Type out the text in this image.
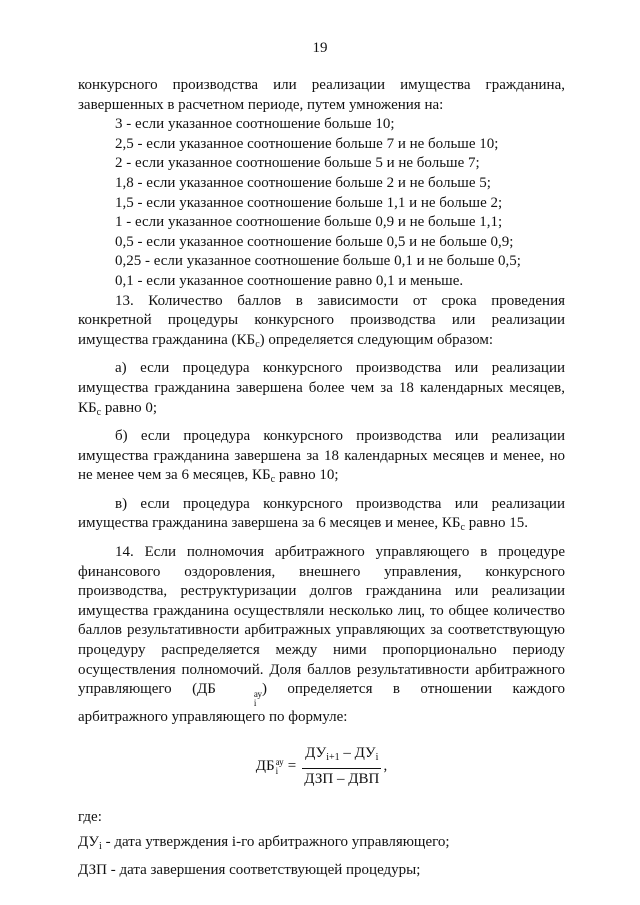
19

конкурсного производства или реализации имущества гражданина, завершенных в расчетном периоде, путем умножения на:

3 - если указанное соотношение больше 10;

2,5 - если указанное соотношение больше 7 и не больше 10;

2 - если указанное соотношение больше 5 и не больше 7;

1,8 - если указанное соотношение больше 2 и не больше 5;

1,5 - если указанное соотношение больше 1,1 и не больше 2;

1 - если указанное соотношение больше 0,9 и не больше 1,1;

0,5 - если указанное соотношение больше 0,5 и не больше 0,9;

0,25 - если указанное соотношение больше 0,1 и не больше 0,5;

0,1 - если указанное соотношение равно 0,1 и меньше.

13. Количество баллов в зависимости от срока проведения конкретной процедуры конкурсного производства или реализации имущества гражданина $(КБ_с)$ определяется следующим образом:

а) если процедура конкурсного производства или реализации имущества гражданина завершена более чем за 18 календарных месяцев, $КБ_с$ равно 0;

б) если процедура конкурсного производства или реализации имущества гражданина завершена за 18 календарных месяцев и менее, но не менее чем за 6 месяцев, $КБ_с$ равно 10;

в) если процедура конкурсного производства или реализации имущества гражданина завершена за 6 месяцев и менее, $КБ_с$ равно 15.

14. Если полномочия арбитражного управляющего в процедуре финансового оздоровления, внешнего управления, конкурсного производства, реструктуризации долгов гражданина или реализации имущества гражданина осуществляли несколько лиц, то общее количество баллов результативности арбитражных управляющих за соответствующую процедуру распределяется между ними пропорционально периоду осуществления полномочий. Доля баллов результативности арбитражного управляющего (ДБ	ау
i
) определяется в отношении каждого арбитражного управляющего по формуле:

ДБ ау
$i = \frac{ДУ_{i+1} - ДУ_i}{\text{ДЗП – ДВП}}$ ,

где:

$ДУ_i$ - дата утверждения i-го арбитражного управляющего;

ДЗП - дата завершения соответствующей процедуры;
